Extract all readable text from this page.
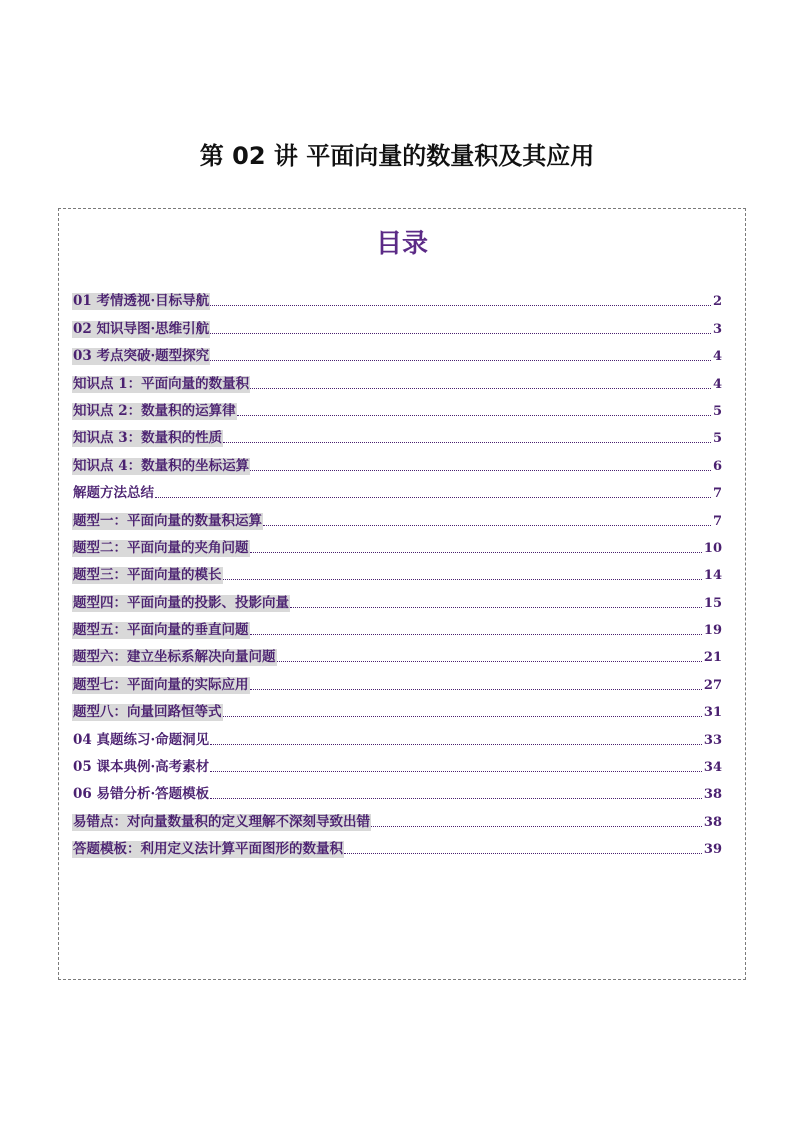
第 02 讲 平面向量的数量积及其应用
目录
01 考情透视·目标导航	2
02 知识导图·思维引航	3
03 考点突破·题型探究	4
知识点 1：平面向量的数量积	4
知识点 2：数量积的运算律	5
知识点 3：数量积的性质	5
知识点 4：数量积的坐标运算	6
解题方法总结	7
题型一：平面向量的数量积运算	7
题型二：平面向量的夹角问题	10
题型三：平面向量的模长	14
题型四：平面向量的投影、投影向量	15
题型五：平面向量的垂直问题	19
题型六：建立坐标系解决向量问题	21
题型七：平面向量的实际应用	27
题型八：向量回路恒等式	31
04 真题练习·命题洞见	33
05 课本典例·高考素材	34
06 易错分析·答题模板	38
易错点：对向量数量积的定义理解不深刻导致出错	38
答题模板：利用定义法计算平面图形的数量积	39
